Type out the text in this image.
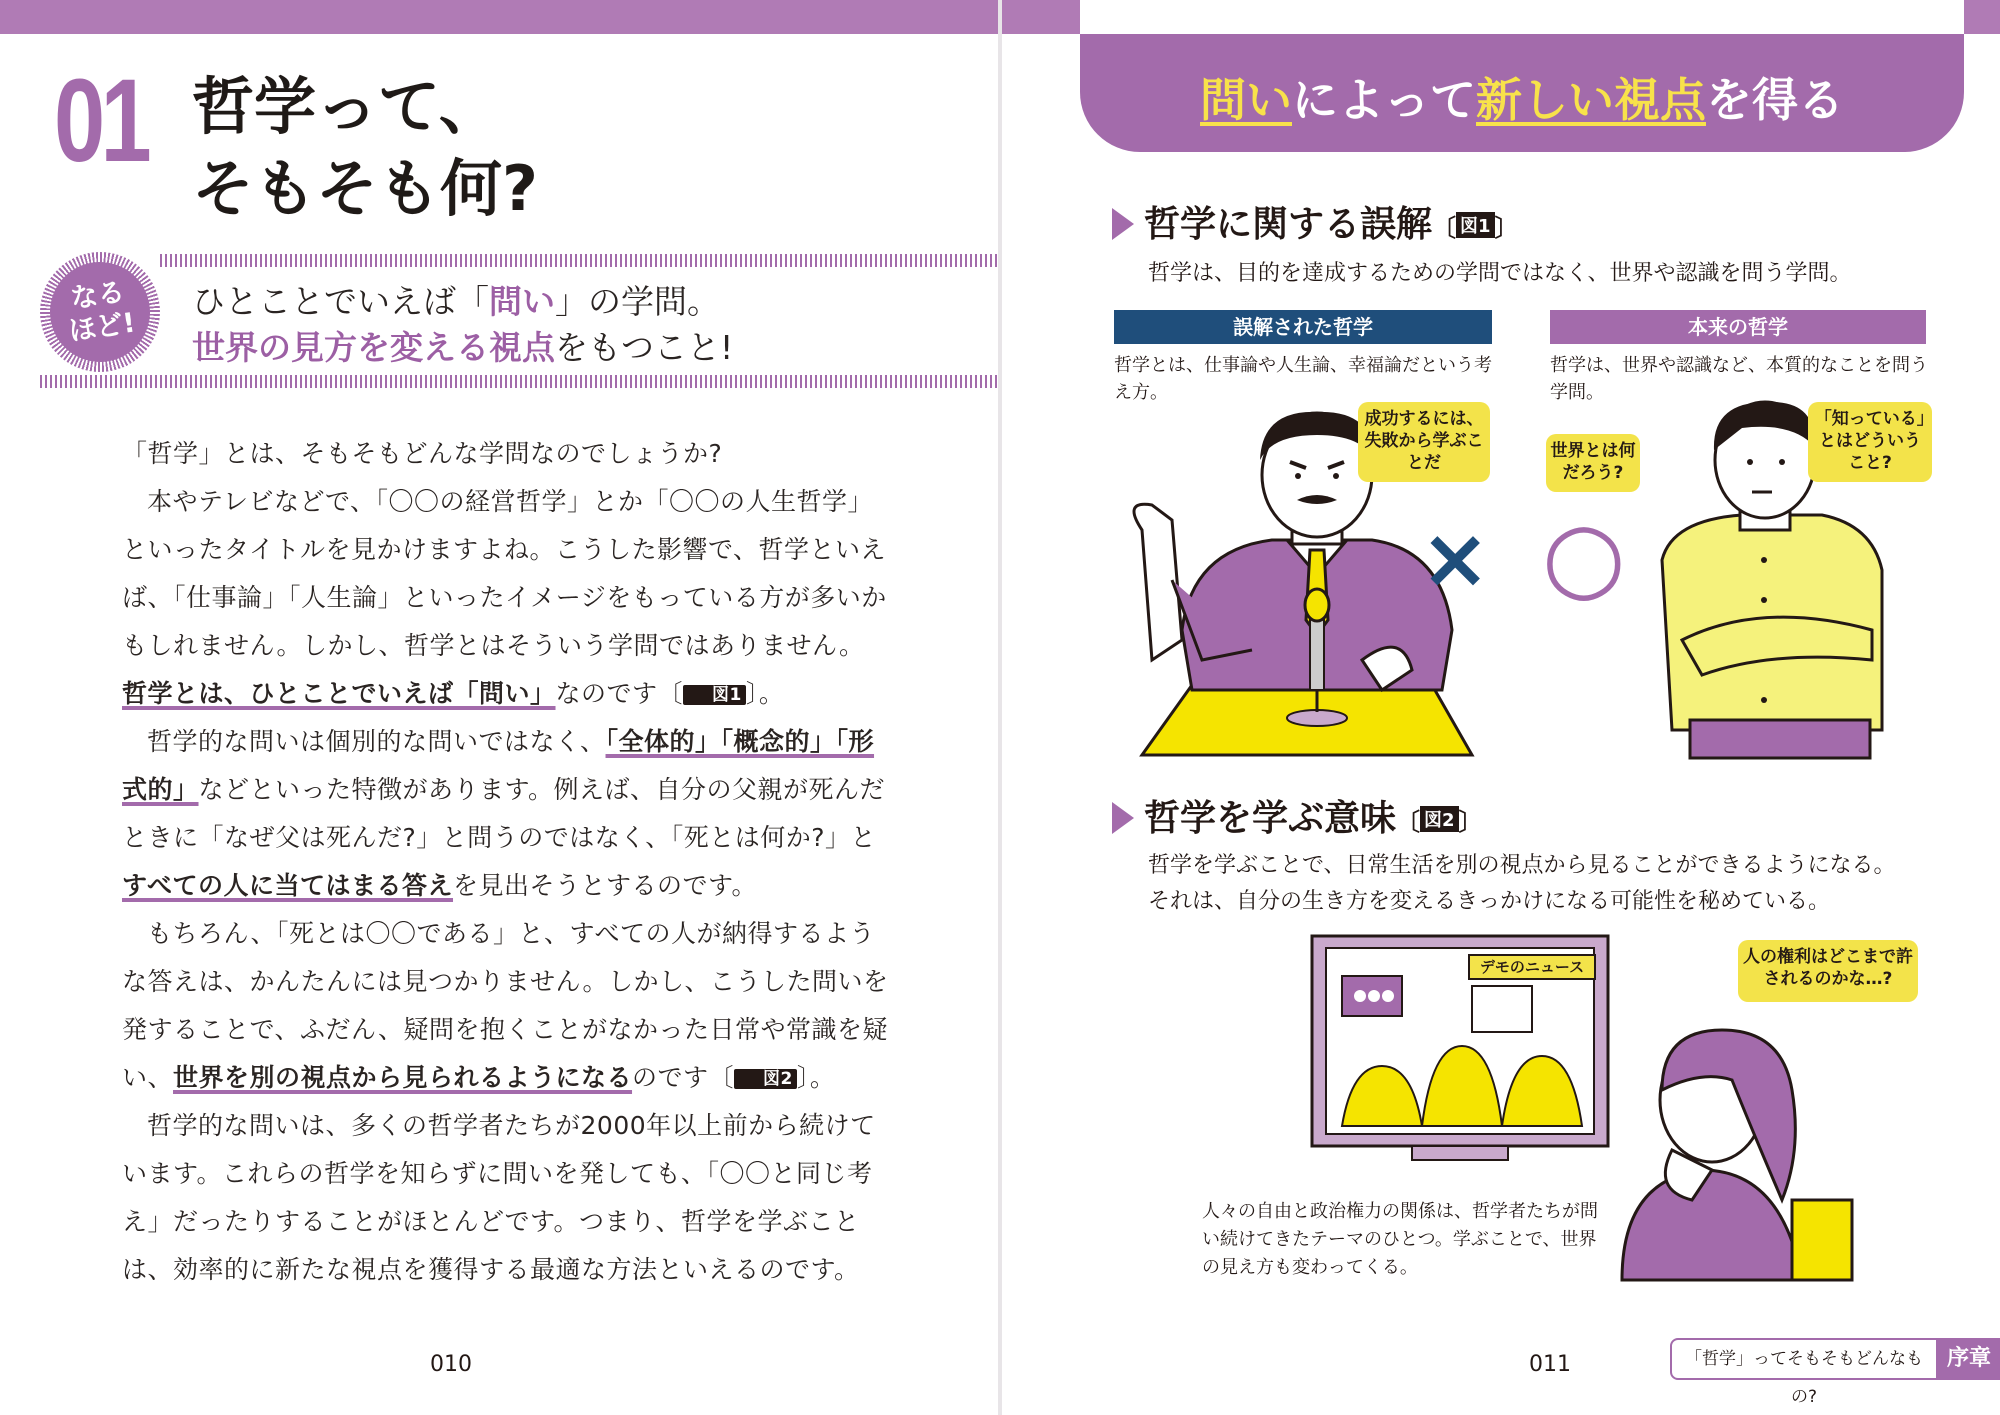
01 哲学って、
そもそも何?
なる
ほど!
ひとことでいえば「問い」の学問。
世界の見方を変える視点をもつこと!

「哲学」とは、そもそもどんな学問なのでしょうか?

本やテレビなどで、「〇〇の経営哲学」とか「〇〇の人生哲学」といったタイトルを見かけますよね。こうした影響で、哲学といえば、「仕事論」「人生論」といったイメージをもっている方が多いかもしれません。しかし、哲学とはそういう学問ではありません。哲学とは、ひとことでいえば「問い」なのです〔 図1 〕。

哲学的な問いは個別的な問いではなく、「全体的」「概念的」「形式的」などといった特徴があります。例えば、自分の父親が死んだときに「なぜ父は死んだ?」と問うのではなく、「死とは何か?」とすべての人に当てはまる答えを見出そうとするのです。

もちろん、「死とは〇〇である」と、すべての人が納得するような答えは、かんたんには見つかりません。しかし、こうした問いを発することで、ふだん、疑問を抱くことがなかった日常や常識を疑い、世界を別の視点から見られるようになるのです〔 図2 〕。

哲学的な問いは、多くの哲学者たちが2000年以上前から続けています。これらの哲学を知らずに問いを発しても、「〇〇と同じ考え」だったりすることがほとんどです。つまり、哲学を学ぶことは、効率的に新たな視点を獲得する最適な方法といえるのです。

010
問いによって新しい視点を得る
哲学に関する誤解〔 図1 〕
哲学は、目的を達成するための学問ではなく、世界や認識を問う学問。
誤解された哲学
哲学とは、仕事論や人生論、幸福論だという考え方。
本来の哲学
哲学は、世界や認識など、本質的なことを問う学問。
成功するには、失敗から学ぶことだ
× ○
世界とは何だろう?
「知っている」とはどういうこと?
哲学を学ぶ意味〔 図2 〕
哲学を学ぶことで、日常生活を別の視点から見ることができるようになる。
それは、自分の生き方を変えるきっかけになる可能性を秘めている。
デモのニュース	人の権利はどこまで許されるのかな…?
人々の自由と政治権力の関係は、哲学者たちが問い続けてきたテーマのひとつ。学ぶことで、世界の見え方も変わってくる。
011	「哲学」ってそもそもどんなもの?
序章
